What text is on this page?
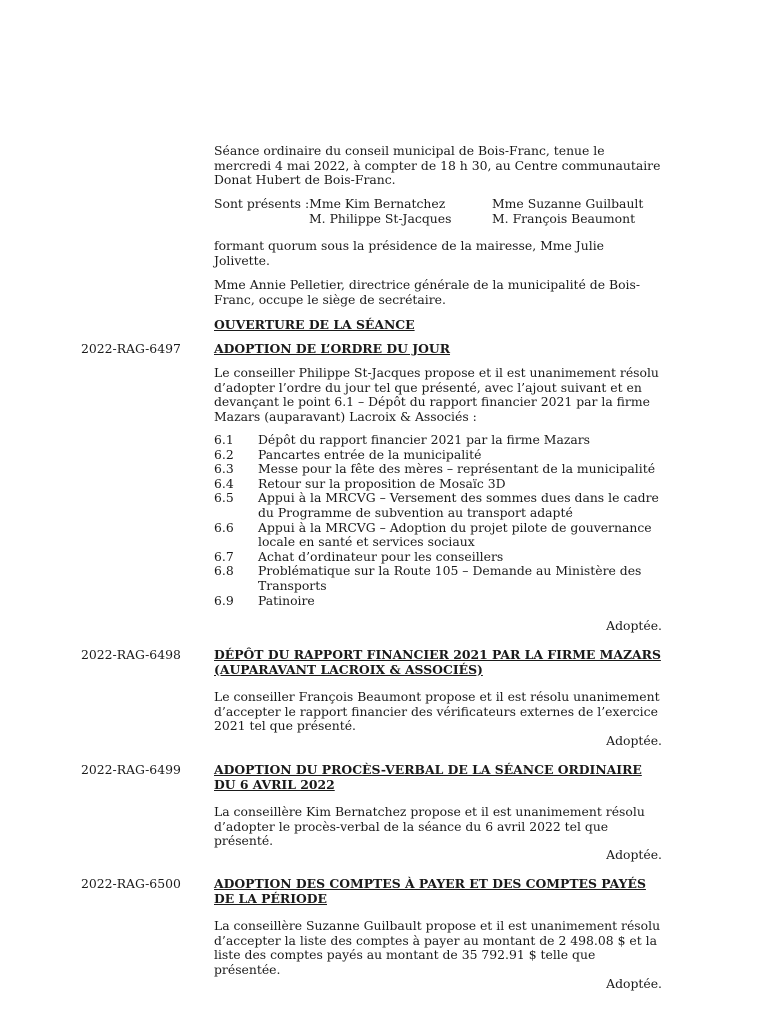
Séance ordinaire du conseil municipal de Bois-Franc, tenue le mercredi 4 mai 2022, à compter de 18 h 30, au Centre communautaire Donat Hubert de Bois-Franc.
Sont présents :Mme Kim Bernatchez	Mme Suzanne Guilbault
M. Philippe St-Jacques	M. François Beaumont
formant quorum sous la présidence de la mairesse, Mme Julie Jolivette.
Mme Annie Pelletier, directrice générale de la municipalité de Bois-Franc, occupe le siège de secrétaire.
OUVERTURE DE LA SÉANCE
2022-RAG-6497	ADOPTION DE L’ORDRE DU JOUR
Le conseiller Philippe St-Jacques propose et il est unanimement résolu d’adopter l’ordre du jour tel que présenté, avec l’ajout suivant et en devançant le point 6.1 – Dépôt du rapport financier 2021 par la firme Mazars (auparavant) Lacroix & Associés :
6.1 Dépôt du rapport financier 2021 par la firme Mazars
6.2 Pancartes entrée de la municipalité
6.3 Messe pour la fête des mères – représentant de la municipalité
6.4 Retour sur la proposition de Mosaïc 3D
6.5 Appui à la MRCVG – Versement des sommes dues dans le cadre du Programme de subvention au transport adapté
6.6 Appui à la MRCVG – Adoption du projet pilote de gouvernance locale en santé et services sociaux
6.7 Achat d’ordinateur pour les conseillers
6.8 Problématique sur la Route 105 – Demande au Ministère des Transports
6.9 Patinoire
Adoptée.
2022-RAG-6498	DÉPÔT DU RAPPORT FINANCIER 2021 PAR LA FIRME MAZARS (AUPARAVANT LACROIX & ASSOCIÉS)
Le conseiller François Beaumont propose et il est résolu unanimement d’accepter le rapport financier des vérificateurs externes de l’exercice 2021 tel que présenté.
Adoptée.
2022-RAG-6499	ADOPTION DU PROCÈS-VERBAL DE LA SÉANCE ORDINAIRE DU 6 AVRIL 2022
La conseillère Kim Bernatchez propose et il est unanimement résolu d’adopter le procès-verbal de la séance du 6 avril 2022 tel que présenté.
Adoptée.
2022-RAG-6500	ADOPTION DES COMPTES À PAYER ET DES COMPTES PAYÉS DE LA PÉRIODE
La conseillère Suzanne Guilbault propose et il est unanimement résolu d’accepter la liste des comptes à payer au montant de 2 498.08 $ et la liste des comptes payés au montant de 35 792.91 $ telle que présentée.
Adoptée.
